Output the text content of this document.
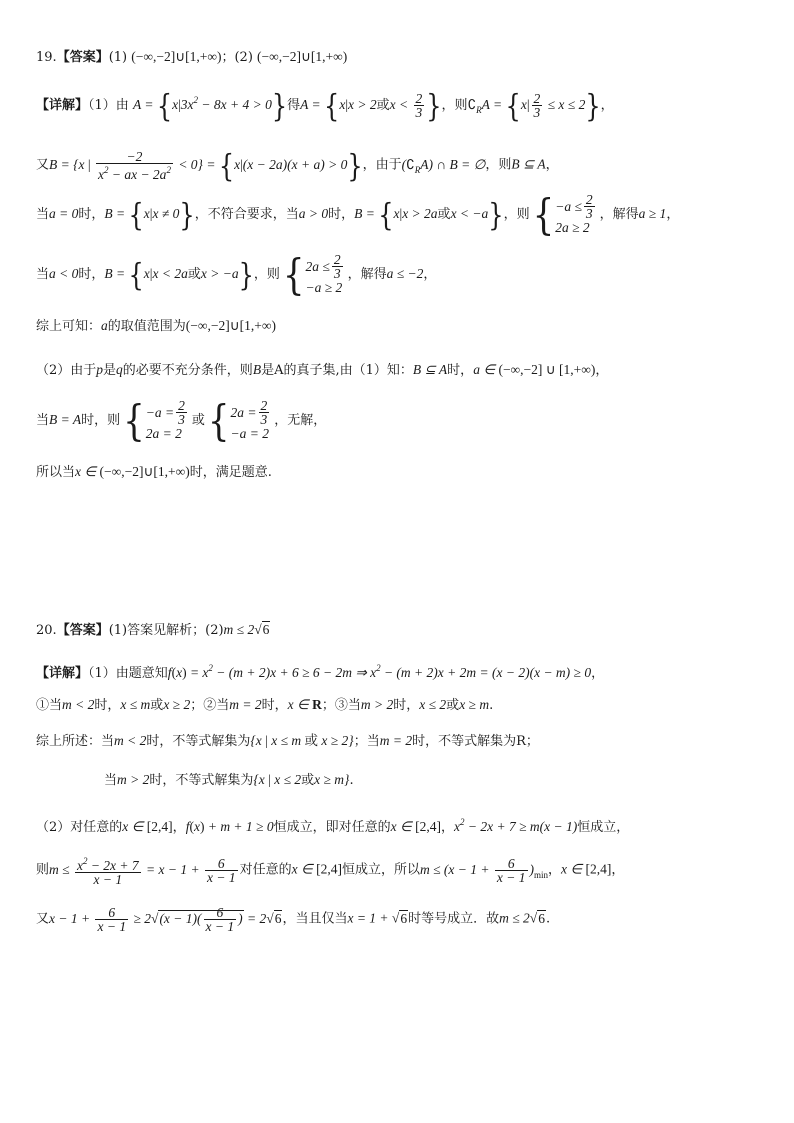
19.【答案】(1) (−∞,−2]∪[1,+∞)；(2) (−∞,−2]∪[1,+∞)
【详解】（1）由 $A = \{x|3x^2 - 8x + 4 > 0\}$得A = {x|x > 2或$x < \frac{2}{3}$ }，则$∁_RA = \{x| \frac{2}{3} \le x \le 2\}$，
又B = {x | $\frac{-2}{x^2 - ax - 2a^2} < 0\} = \{x|(x - 2a)(x + a) > 0\}$，由于$(∁_RA)$ ∩ B = ∅，则B ⊆ A，
当a = 0时，B = {x|x ≠ 0}，不符合要求，当a > 0时，B = {x|x > 2a或x < −a}，则 { $-a \le \frac{2}{3}$
2a ≥ 2
，解得a ≥ 1，
当a < 0时，B = {x|x < 2a或x > −a}，则 { $2a \le \frac{2}{3}$
−a ≥ 2
，解得a ≤ −2，
综上可知：a的取值范围为(−∞,−2]∪[1,+∞)
（2）由于p是q的必要不充分条件，则B是A的真子集,由（1）知：B ⊆ A时，a ∈ (−∞,−2] ∪ [1,+∞)，
当B = A时，则 { $-a = \frac{2}{3}$
2a = 2
或 { $2a = \frac{2}{3}$
−a = 2
，无解，
所以当x ∈ (−∞,−2]∪[1,+∞)时，满足题意.
20.【答案】(1)答案见解析；(2)m ≤ 2√6
【详解】（1）由题意知$f(x) = x^2 - (m + 2)x + 6 \ge 6 - 2m$ ⇒ $x^2 - (m + 2)x + 2m = (x - 2)(x - m) \ge 0$，
①当m < 2时，x ≤ m或x ≥ 2；②当m = 2时，x ∈ R；③当m > 2时，x ≤ 2或x ≥ m.
综上所述：当m < 2时，不等式解集为{x | x ≤ m 或 x ≥ 2}；当m = 2时，不等式解集为R；
当m > 2时，不等式解集为{x | x ≤ 2或x ≥ m}.
（2）对任意的x ∈ [2,4]，f(x) + m + 1 ≥ 0恒成立，即对任意的x ∈ [2,4]，$x^2 - 2x + 7 \ge m(x - 1)$恒成立，
则$m \le \frac{x^2 - 2x + 7}{x - 1} = x - 1 + \frac{6}{x - 1}$ 对任意的x ∈ [2,4]恒成立，所以$m \le (x - 1 + \frac{6}{x - 1} )_{min}$，x ∈ [2,4]，
又$x - 1 + \frac{6}{x - 1} \ge 2√(x - 1)( \frac{6}{x - 1}$ ) = 2√6，当且仅当x = 1 + √6时等号成立．故m ≤ 2√6.
